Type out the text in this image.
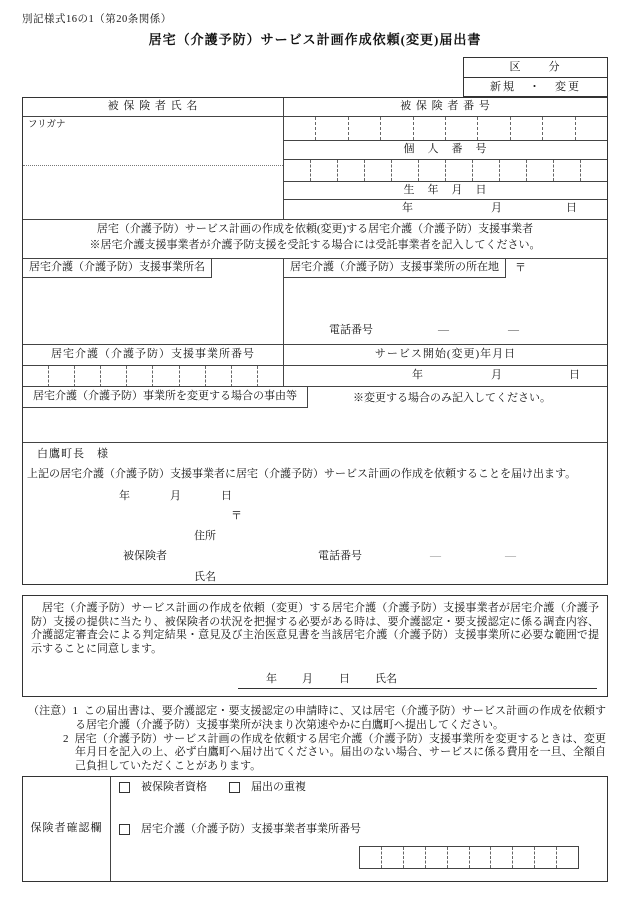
別記様式16の1（第20条関係）
居宅（介護予防）サービス計画作成依頼(変更)届出書
区　　分
新規　・　変更
被 保 険 者 氏 名
フリガナ
被 保 険 者 番 号
個　人　番　号
生　年　月　日
年	月	日
居宅（介護予防）サービス計画の作成を依頼(変更)する居宅介護（介護予防）支援事業者
※居宅介護支援事業者が介護予防支援を受託する場合には受託事業者を記入してください。
居宅介護（介護予防）支援事業所名	居宅介護（介護予防）支援事業所の所在地	〒
電話番号	―	―
居宅介護（介護予防）支援事業所番号	サービス開始(変更)年月日
年	月	日
居宅介護（介護予防）事業所を変更する場合の事由等	※変更する場合のみ記入してください。
白鷹町長　様
上記の居宅介護（介護予防）支援事業者に居宅（介護予防）サービス計画の作成を依頼することを届け出ます。
年	月	日
〒
住所
被保険者	電話番号	―	―
氏名
居宅（介護予防）サービス計画の作成を依頼（変更）する居宅介護（介護予防）支援事業者が居宅介護（介護予防）支援の提供に当たり、被保険者の状況を把握する必要がある時は、要介護認定・要支援認定に係る調査内容、介護認定審査会による判定結果・意見及び主治医意見書を当該居宅介護（介護予防）支援事業所に必要な範囲で提示することに同意します。
年 月 日 氏名
（注意）1 この届出書は、要介護認定・要支援認定の申請時に、又は居宅（介護予防）サービス計画の作成を依頼する居宅介護（介護予防）支援事業所が決まり次第速やかに白鷹町へ提出してください。
2 居宅（介護予防）サービス計画の作成を依頼する居宅介護（介護予防）支援事業所を変更するときは、変更年月日を記入の上、必ず白鷹町へ届け出てください。届出のない場合、サービスに係る費用を一旦、全額自己負担していただくことがあります。
保険者確認欄
被保険者資格	届出の重複
居宅介護（介護予防）支援事業者事業所番号
